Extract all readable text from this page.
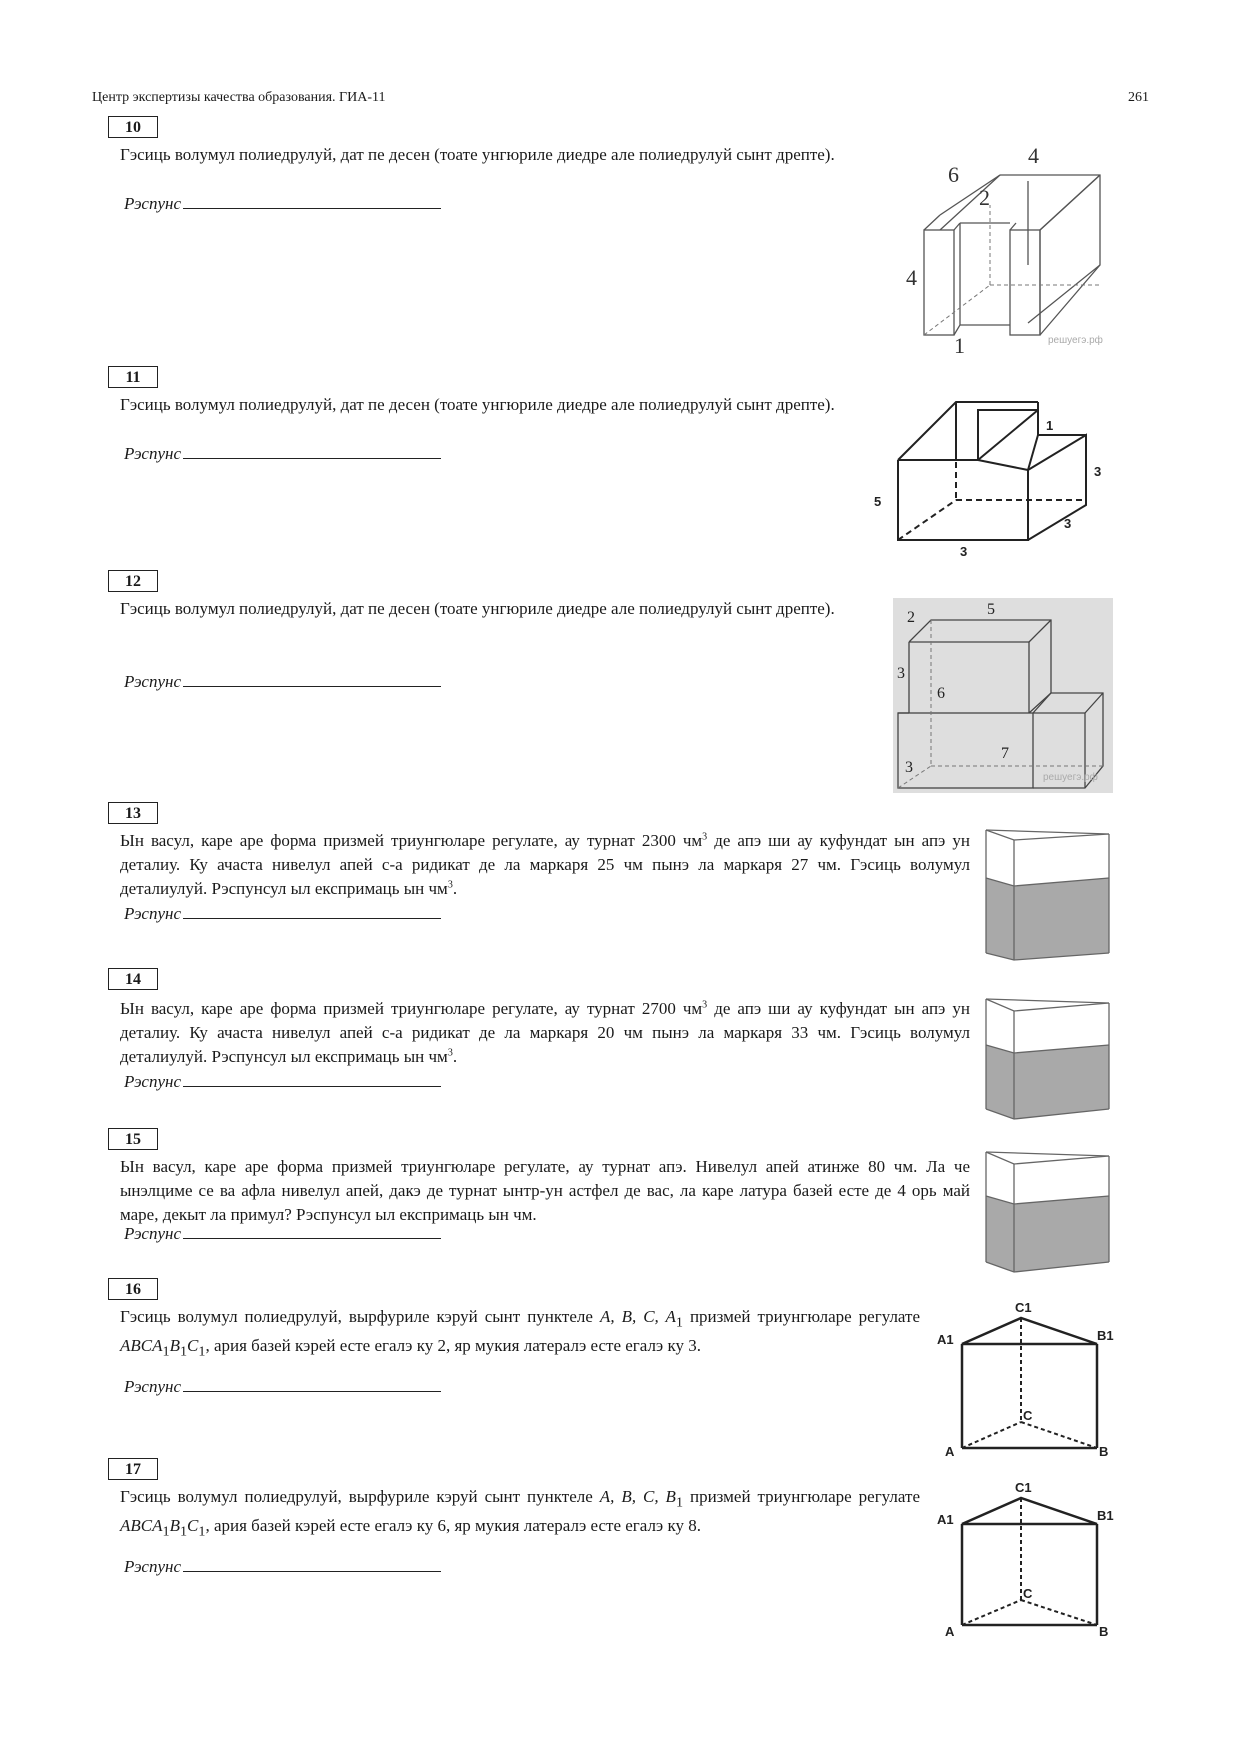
Центр экспертизы качества образования. ГИА-11	261
10
Гэсиць волумул полиедрулуй, дат пе десен (тоате унгюриле диедре але полиедрулуй сынт дрепте).
Рэспунс
6
4
2
4
1	решуегэ.рф
11
Гэсиць волумул полиедрулуй, дат пе десен (тоате унгюриле диедре але полиедрулуй сынт дрепте).
Рэспунс
1
5
3
3
3
12
Гэсиць волумул полиедрулуй, дат пе десен (тоате унгюриле диедре але полиедрулуй сынт дрепте).
Рэспунс
2	5
3
6
7
3
решуегэ.рф
13
Ын васул, каре аре форма призмей триунгюларе регулате, ау турнат 2300 $чм^3$ де апэ ши ау куфундат ын апэ ун деталиу. Ку ачаста нивелул апей с-а ридикат де ла маркаря 25 чм пынэ ла маркаря 27 чм. Гэсиць волумул деталиулуй. Рэспунсул ыл експримаць ын $чм^3$.
Рэспунс
14
Ын васул, каре аре форма призмей триунгюларе регулате, ау турнат 2700 $чм^3$ де апэ ши ау куфундат ын апэ ун деталиу. Ку ачаста нивелул апей с-а ридикат де ла маркаря 20 чм пынэ ла маркаря 33 чм. Гэсиць волумул деталиулуй. Рэспунсул ыл експримаць ын $чм^3$.
Рэспунс
15
Ын васул, каре аре форма призмей триунгюларе регулате, ау турнат апэ. Нивелул апей атинже 80 чм. Ла че ынэлциме се ва афла нивелул апей, дакэ де турнат ынтр-ун астфел де вас, ла каре латура базей есте де 4 орь май маре, декыт ла примул? Рэспунсул ыл експримаць ын чм.
Рэспунс
16
Гэсиць волумул полиедрулуй, вырфуриле кэруй сынт пунктеле A, B, C, $A_1$ призмей триунгюларе регулате $ABCA_1B_1C_1$, ария базей кэрей есте егалэ ку 2, яр мукия латералэ есте егалэ ку 3.
Рэспунс
C1
A1	B1
C
A	B
17
Гэсиць волумул полиедрулуй, вырфуриле кэруй сынт пунктеле A, B, C, $B_1$ призмей триунгюларе регулате $ABCA_1B_1C_1$, ария базей кэрей есте егалэ ку 6, яр мукия латералэ есте егалэ ку 8.
Рэспунс
C1
A1	B1
C
A	B
